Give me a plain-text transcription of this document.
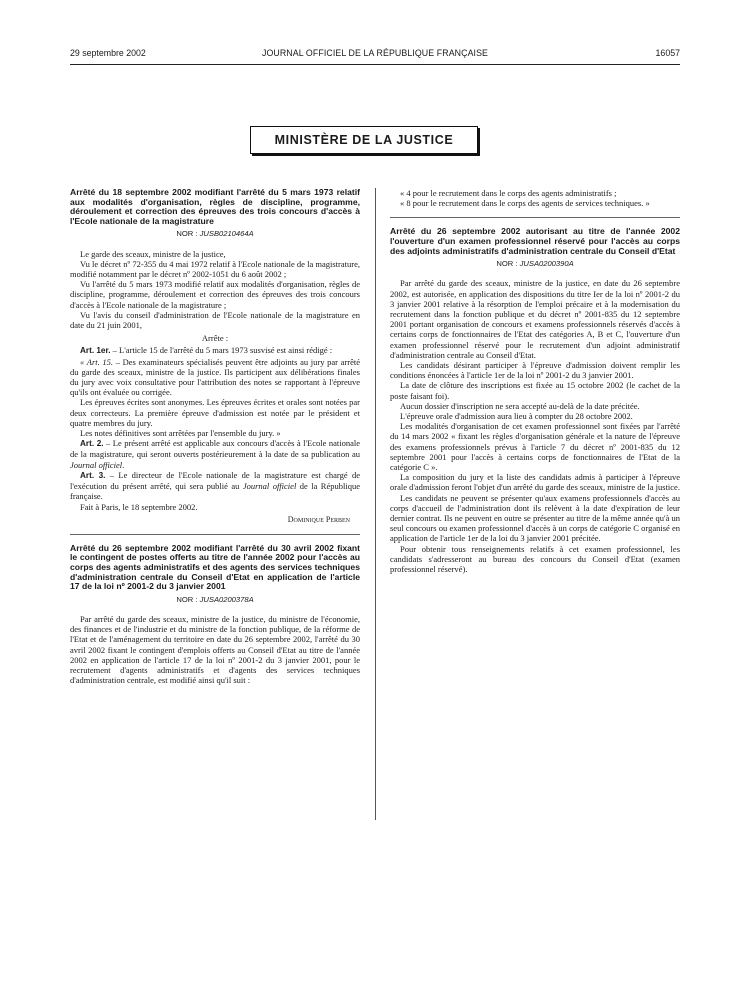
29 septembre 2002	JOURNAL OFFICIEL DE LA RÉPUBLIQUE FRANÇAISE	16057
MINISTÈRE DE LA JUSTICE
Arrêté du 18 septembre 2002 modifiant l'arrêté du 5 mars 1973 relatif aux modalités d'organisation, règles de discipline, programme, déroulement et correction des épreuves des trois concours d'accès à l'Ecole nationale de la magistrature
NOR : JUSB0210464A

Le garde des sceaux, ministre de la justice,

Vu le décret nº 72-355 du 4 mai 1972 relatif à l'Ecole nationale de la magistrature, modifié notamment par le décret nº 2002-1051 du 6 août 2002 ;

Vu l'arrêté du 5 mars 1973 modifié relatif aux modalités d'organisation, règles de discipline, programme, déroulement et correction des épreuves des trois concours d'accès à l'Ecole nationale de la magistrature ;

Vu l'avis du conseil d'administration de l'Ecole nationale de la magistrature en date du 21 juin 2001,

Arrête :

Art. 1er. – L'article 15 de l'arrêté du 5 mars 1973 susvisé est ainsi rédigé :

« Art. 15. – Des examinateurs spécialisés peuvent être adjoints au jury par arrêté du garde des sceaux, ministre de la justice. Ils participent aux délibérations finales du jury avec voix consultative pour l'attribution des notes se rapportant à l'épreuve qu'ils ont évaluée ou corrigée.

Les épreuves écrites sont anonymes. Les épreuves écrites et orales sont notées par deux correcteurs. La première épreuve d'admission est notée par le président et quatre membres du jury.

Les notes définitives sont arrêtées par l'ensemble du jury. »

Art. 2. – Le présent arrêté est applicable aux concours d'accès à l'Ecole nationale de la magistrature, qui seront ouverts postérieurement à la date de sa publication au Journal officiel.

Art. 3. – Le directeur de l'Ecole nationale de la magistrature est chargé de l'exécution du présent arrêté, qui sera publié au Journal officiel de la République française.

Fait à Paris, le 18 septembre 2002.

Dominique Perben

Arrêté du 26 septembre 2002 modifiant l'arrêté du 30 avril 2002 fixant le contingent de postes offerts au titre de l'année 2002 pour l'accès au corps des agents administratifs et des agents des services techniques d'administration centrale du Conseil d'Etat en application de l'article 17 de la loi nº 2001-2 du 3 janvier 2001
NOR : JUSA0200378A

Par arrêté du garde des sceaux, ministre de la justice, du ministre de l'économie, des finances et de l'industrie et du ministre de la fonction publique, de la réforme de l'Etat et de l'aménagement du territoire en date du 26 septembre 2002, l'arrêté du 30 avril 2002 fixant le contingent d'emplois offerts au Conseil d'Etat au titre de l'année 2002 en application de l'article 17 de la loi nº 2001-2 du 3 janvier 2001, pour le recrutement d'agents administratifs et d'agents des services techniques d'administration centrale, est modifié ainsi qu'il suit :

« 4 pour le recrutement dans le corps des agents administratifs ;

« 8 pour le recrutement dans le corps des agents de services techniques. »

Arrêté du 26 septembre 2002 autorisant au titre de l'année 2002 l'ouverture d'un examen professionnel réservé pour l'accès au corps des adjoints administratifs d'administration centrale du Conseil d'Etat
NOR : JUSA0200390A

Par arrêté du garde des sceaux, ministre de la justice, en date du 26 septembre 2002, est autorisée, en application des dispositions du titre Ier de la loi nº 2001-2 du 3 janvier 2001 relative à la résorption de l'emploi précaire et à la modernisation du recrutement dans la fonction publique et du décret nº 2001-835 du 12 septembre 2001 portant organisation de concours et examens professionnels réservés d'accès à certains corps de fonctionnaires de l'Etat des catégories A, B et C, l'ouverture d'un examen professionnel réservé pour le recrutement d'un adjoint administratif d'administration centrale au Conseil d'Etat.

Les candidats désirant participer à l'épreuve d'admission doivent remplir les conditions énoncées à l'article 1er de la loi nº 2001-2 du 3 janvier 2001.

La date de clôture des inscriptions est fixée au 15 octobre 2002 (le cachet de la poste faisant foi).

Aucun dossier d'inscription ne sera accepté au-delà de la date précitée.

L'épreuve orale d'admission aura lieu à compter du 28 octobre 2002.

Les modalités d'organisation de cet examen professionnel sont fixées par l'arrêté du 14 mars 2002 « fixant les règles d'organisation générale et la nature de l'épreuve des examens professionnels prévus à l'article 7 du décret nº 2001-835 du 12 septembre 2001 pour l'accès à certains corps de fonctionnaires de l'Etat de la catégorie C ».

La composition du jury et la liste des candidats admis à participer à l'épreuve orale d'admission feront l'objet d'un arrêté du garde des sceaux, ministre de la justice.

Les candidats ne peuvent se présenter qu'aux examens professionnels d'accès au corps d'accueil de l'administration dont ils relèvent à la date d'expiration de leur dernier contrat. Ils ne peuvent en outre se présenter au titre de la même année qu'à un seul concours ou examen professionnel d'accès à un corps de catégorie C organisé en application de l'article 1er de la loi du 3 janvier 2001 précitée.

Pour obtenir tous renseignements relatifs à cet examen professionnel, les candidats s'adresseront au bureau des concours du Conseil d'Etat (examen professionnel réservé).
